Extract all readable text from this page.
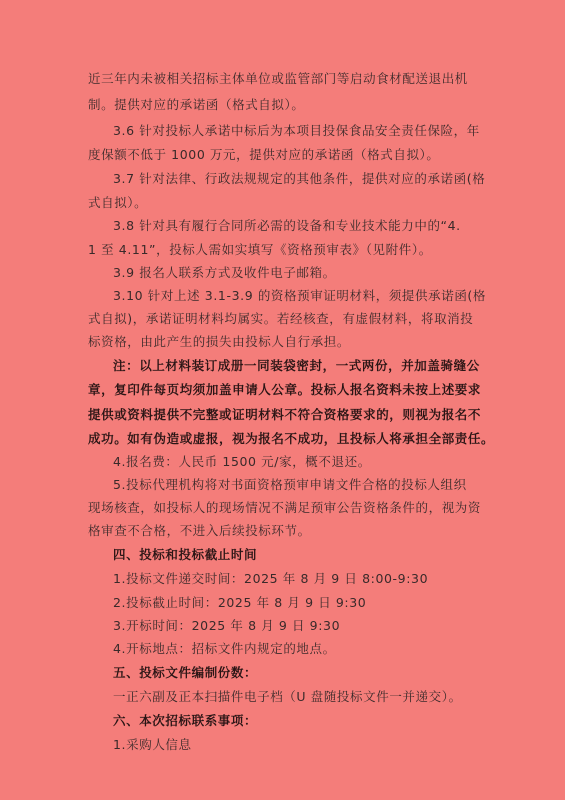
近三年内未被相关招标主体单位或监管部门等启动食材配送退出机
制。提供对应的承诺函（格式自拟）。
3.6 针对投标人承诺中标后为本项目投保食品安全责任保险，年
度保额不低于 1000 万元，提供对应的承诺函（格式自拟）。
3.7 针对法律、行政法规规定的其他条件，提供对应的承诺函(格
式自拟）。
3.8 针对具有履行合同所必需的设备和专业技术能力中的“4.
1 至 4.11”，投标人需如实填写《资格预审表》（见附件）。
3.9 报名人联系方式及收件电子邮箱。
3.10 针对上述 3.1-3.9 的资格预审证明材料，须提供承诺函(格
式自拟)，承诺证明材料均属实。若经核查，有虚假材料，将取消投
标资格，由此产生的损失由投标人自行承担。
注：以上材料装订成册一同装袋密封，一式两份，并加盖骑缝公
章，复印件每页均须加盖申请人公章。投标人报名资料未按上述要求
提供或资料提供不完整或证明材料不符合资格要求的，则视为报名不
成功。如有伪造或虚报，视为报名不成功，且投标人将承担全部责任。
4.报名费：人民币 1500 元/家，概不退还。
5.投标代理机构将对书面资格预审申请文件合格的投标人组织
现场核查，如投标人的现场情况不满足预审公告资格条件的，视为资
格审查不合格，不进入后续投标环节。
四、投标和投标截止时间
1.投标文件递交时间：2025 年 8 月 9 日 8:00-9:30
2.投标截止时间：2025 年 8 月 9 日 9:30
3.开标时间：2025 年 8 月 9 日 9:30
4.开标地点：招标文件内规定的地点。
五、投标文件编制份数：
一正六副及正本扫描件电子档（U 盘随投标文件一并递交）。
六、本次招标联系事项：
1.采购人信息
